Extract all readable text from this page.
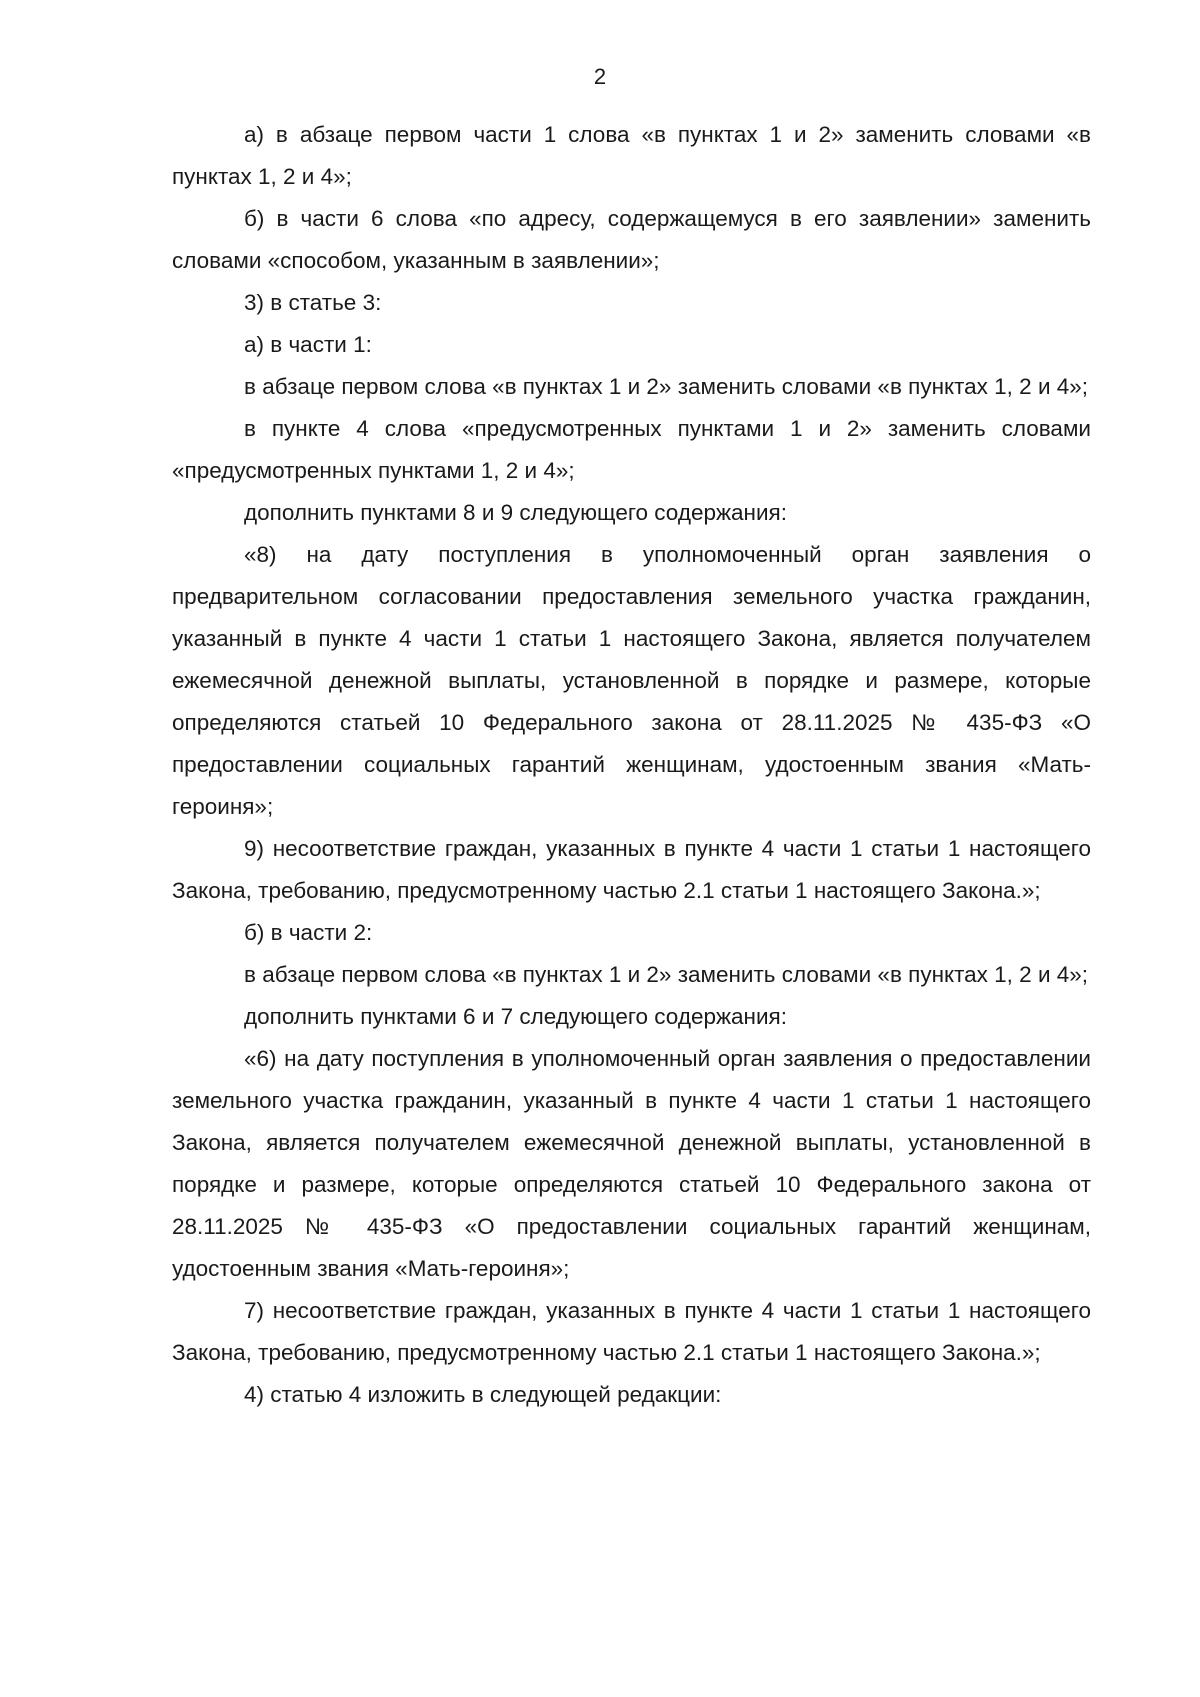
2

а) в абзаце первом части 1 слова «в пунктах 1 и 2» заменить словами «в пунктах 1, 2 и 4»;

б) в части 6 слова «по адресу, содержащемуся в его заявлении» заменить словами «способом, указанным в заявлении»;

3) в статье 3:

а) в части 1:

в абзаце первом слова «в пунктах 1 и 2» заменить словами «в пунктах 1, 2 и 4»;

в пункте 4 слова «предусмотренных пунктами 1 и 2» заменить словами «предусмотренных пунктами 1, 2 и 4»;

дополнить пунктами 8 и 9 следующего содержания:

«8) на дату поступления в уполномоченный орган заявления о предварительном согласовании предоставления земельного участка гражданин, указанный в пункте 4 части 1 статьи 1 настоящего Закона, является получателем ежемесячной денежной выплаты, установленной в порядке и размере, которые определяются статьей 10 Федерального закона от 28.11.2025 № 435-ФЗ «О предоставлении социальных гарантий женщинам, удостоенным звания «Мать-героиня»;

9) несоответствие граждан, указанных в пункте 4 части 1 статьи 1 настоящего Закона, требованию, предусмотренному частью 2.1 статьи 1 настоящего Закона.»;

б) в части 2:

в абзаце первом слова «в пунктах 1 и 2» заменить словами «в пунктах 1, 2 и 4»;

дополнить пунктами 6 и 7 следующего содержания:

«6) на дату поступления в уполномоченный орган заявления о предоставлении земельного участка гражданин, указанный в пункте 4 части 1 статьи 1 настоящего Закона, является получателем ежемесячной денежной выплаты, установленной в порядке и размере, которые определяются статьей 10 Федерального закона от 28.11.2025 № 435-ФЗ «О предоставлении социальных гарантий женщинам, удостоенным звания «Мать-героиня»;

7) несоответствие граждан, указанных в пункте 4 части 1 статьи 1 настоящего Закона, требованию, предусмотренному частью 2.1 статьи 1 настоящего Закона.»;

4) статью 4 изложить в следующей редакции:
